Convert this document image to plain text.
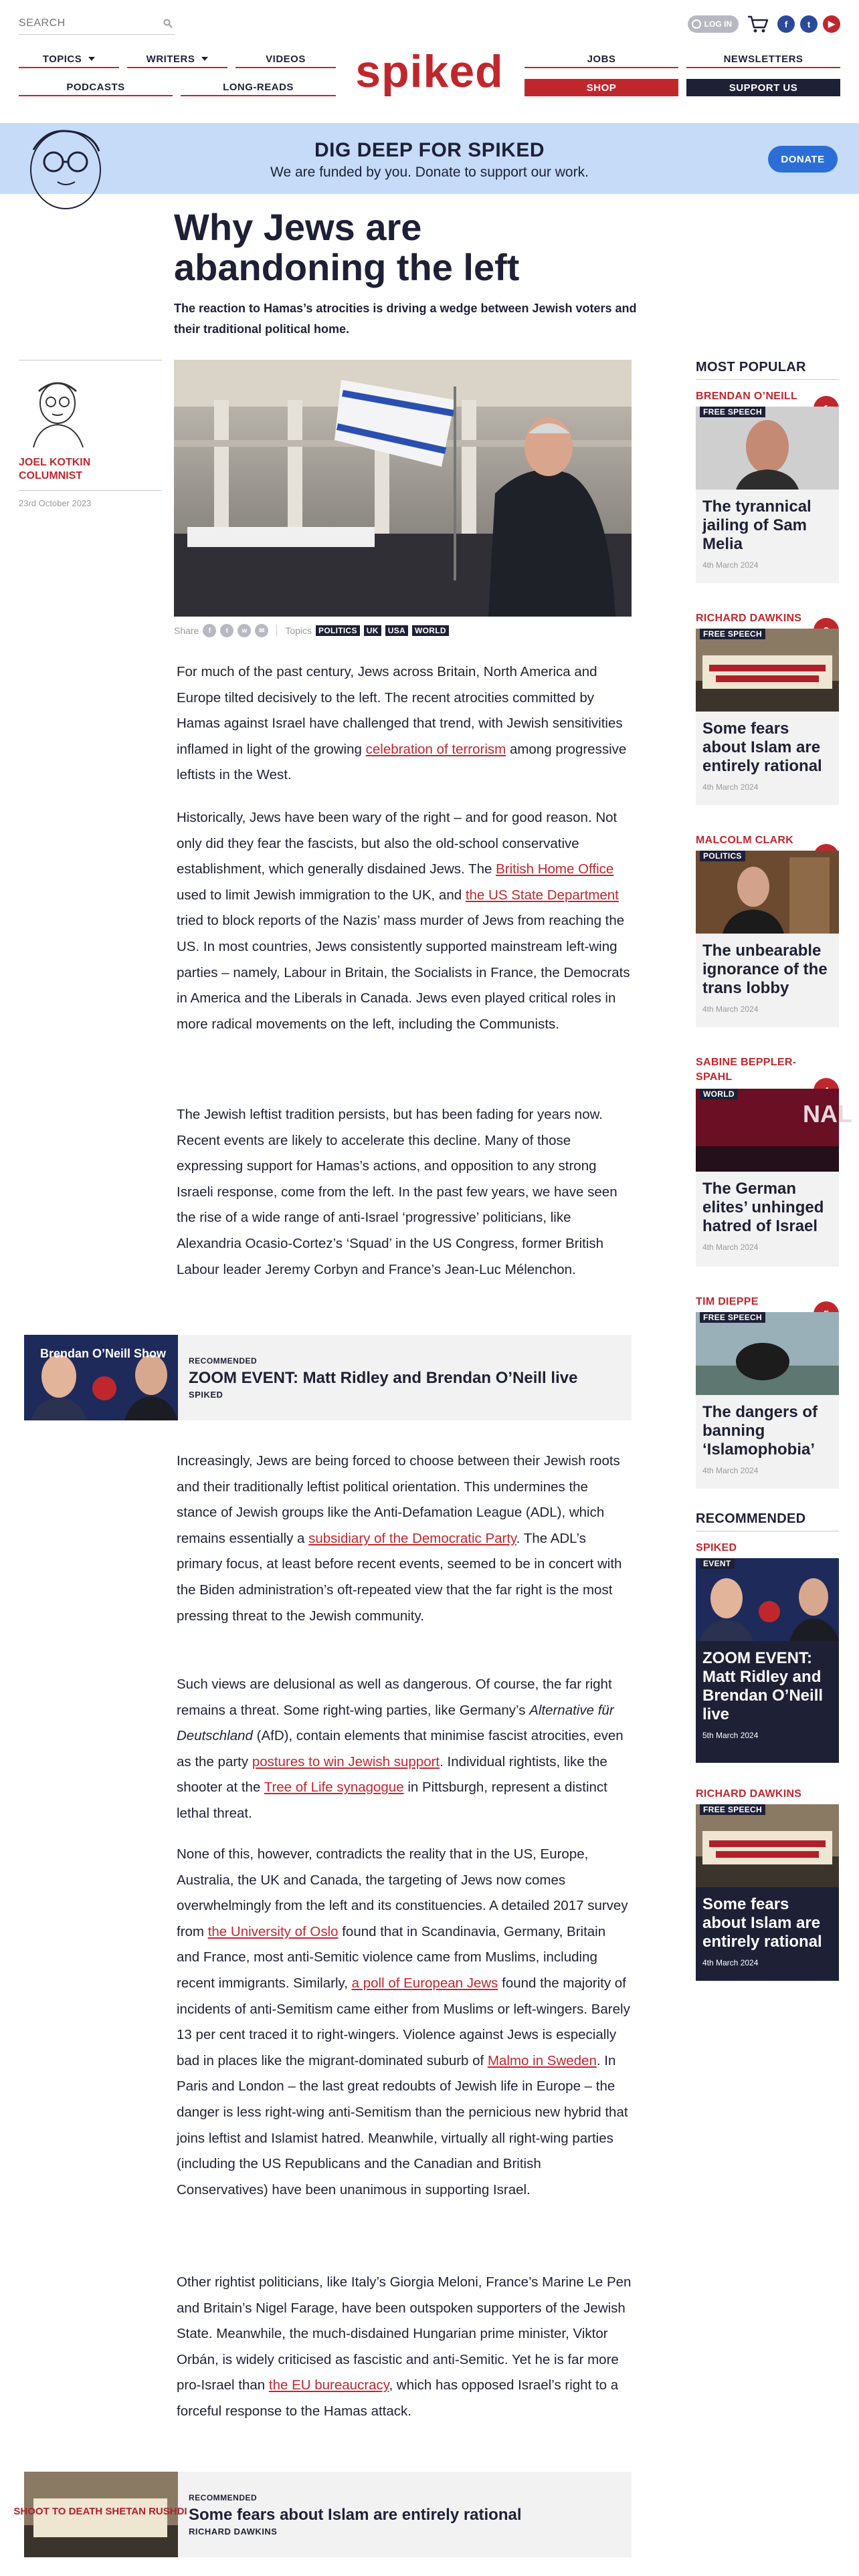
SEARCH
LOG IN	f	t	▶
TOPICS	WRITERS	VIDEOS
PODCASTS	LONG-READS spiked	JOBS	NEWSLETTERS
SHOP	SUPPORT US
DIG DEEP FOR SPIKED
We are funded by you. Donate to support our work.
DONATE
Why Jews are abandoning the left

The reaction to Hamas’s atrocities is driving a wedge between Jewish voters and their traditional political home.

JOEL KOTKIN
COLUMNIST
23rd October 2023
Share	f	t	w	✉	Topics POLITICS	UK	USA	WORLD
For much of the past century, Jews across Britain, North America and Europe tilted decisively to the left. The recent atrocities committed by Hamas against Israel have challenged that trend, with Jewish sensitivities inflamed in light of the growing celebration of terrorism among progressive leftists in the West.
Historically, Jews have been wary of the right – and for good reason. Not only did they fear the fascists, but also the old-school conservative establishment, which generally disdained Jews. The British Home Office used to limit Jewish immigration to the UK, and the US State Department tried to block reports of the Nazis’ mass murder of Jews from reaching the US. In most countries, Jews consistently supported mainstream left-wing parties – namely, Labour in Britain, the Socialists in France, the Democrats in America and the Liberals in Canada. Jews even played critical roles in more radical movements on the left, including the Communists.
The Jewish leftist tradition persists, but has been fading for years now. Recent events are likely to accelerate this decline. Many of those expressing support for Hamas’s actions, and opposition to any strong Israeli response, come from the left. In the past few years, we have seen the rise of a wide range of anti-Israel ‘progressive’ politicians, like Alexandria Ocasio-Cortez’s ‘Squad’ in the US Congress, former British Labour leader Jeremy Corbyn and France’s Jean-Luc Mélenchon.
Brendan O’Neill Show
RECOMMENDED
ZOOM EVENT: Matt Ridley and Brendan O’Neill live
SPIKED
Increasingly, Jews are being forced to choose between their Jewish roots and their traditionally leftist political orientation. This undermines the stance of Jewish groups like the Anti-Defamation League (ADL), which remains essentially a subsidiary of the Democratic Party. The ADL’s primary focus, at least before recent events, seemed to be in concert with the Biden administration’s oft-repeated view that the far right is the most pressing threat to the Jewish community.
Such views are delusional as well as dangerous. Of course, the far right remains a threat. Some right-wing parties, like Germany’s Alternative für Deutschland (AfD), contain elements that minimise fascist atrocities, even as the party postures to win Jewish support. Individual rightists, like the shooter at the Tree of Life synagogue in Pittsburgh, represent a distinct lethal threat.
None of this, however, contradicts the reality that in the US, Europe, Australia, the UK and Canada, the targeting of Jews now comes overwhelmingly from the left and its constituencies. A detailed 2017 survey from the University of Oslo found that in Scandinavia, Germany, Britain and France, most anti-Semitic violence came from Muslims, including recent immigrants. Similarly, a poll of European Jews found the majority of incidents of anti-Semitism came either from Muslims or left-wingers. Barely 13 per cent traced it to right-wingers. Violence against Jews is especially bad in places like the migrant-dominated suburb of Malmo in Sweden. In Paris and London – the last great redoubts of Jewish life in Europe – the danger is less right-wing anti-Semitism than the pernicious new hybrid that joins leftist and Islamist hatred. Meanwhile, virtually all right-wing parties (including the US Republicans and the Canadian and British Conservatives) have been unanimous in supporting Israel.
Other rightist politicians, like Italy’s Giorgia Meloni, France’s Marine Le Pen and Britain’s Nigel Farage, have been outspoken supporters of the Jewish State. Meanwhile, the much-disdained Hungarian prime minister, Viktor Orbán, is widely criticised as fascistic and anti-Semitic. Yet he is far more pro-Israel than the EU bureaucracy, which has opposed Israel’s right to a forceful response to the Hamas attack.
SHOOT TO DEATH SHETAN RUSHDI
RECOMMENDED
Some fears about Islam are entirely rational
RICHARD DAWKINS
MOST POPULAR
BRENDAN O’NEILL
FREE SPEECH
The tyrannical jailing of Sam Melia
4th March 2024
RICHARD DAWKINS
FREE SPEECH
Some fears about Islam are entirely rational
4th March 2024
MALCOLM CLARK
POLITICS
The unbearable ignorance of the trans lobby
4th March 2024
SABINE BEPPLER-SPAHL
WORLD
NAL
The German elites’ unhinged hatred of Israel
4th March 2024
TIM DIEPPE
FREE SPEECH
The dangers of banning ‘Islamophobia’
4th March 2024
RECOMMENDED
SPIKED
EVENT
ZOOM EVENT: Matt Ridley and Brendan O’Neill live
5th March 2024
RICHARD DAWKINS
FREE SPEECH
Some fears about Islam are entirely rational
4th March 2024
